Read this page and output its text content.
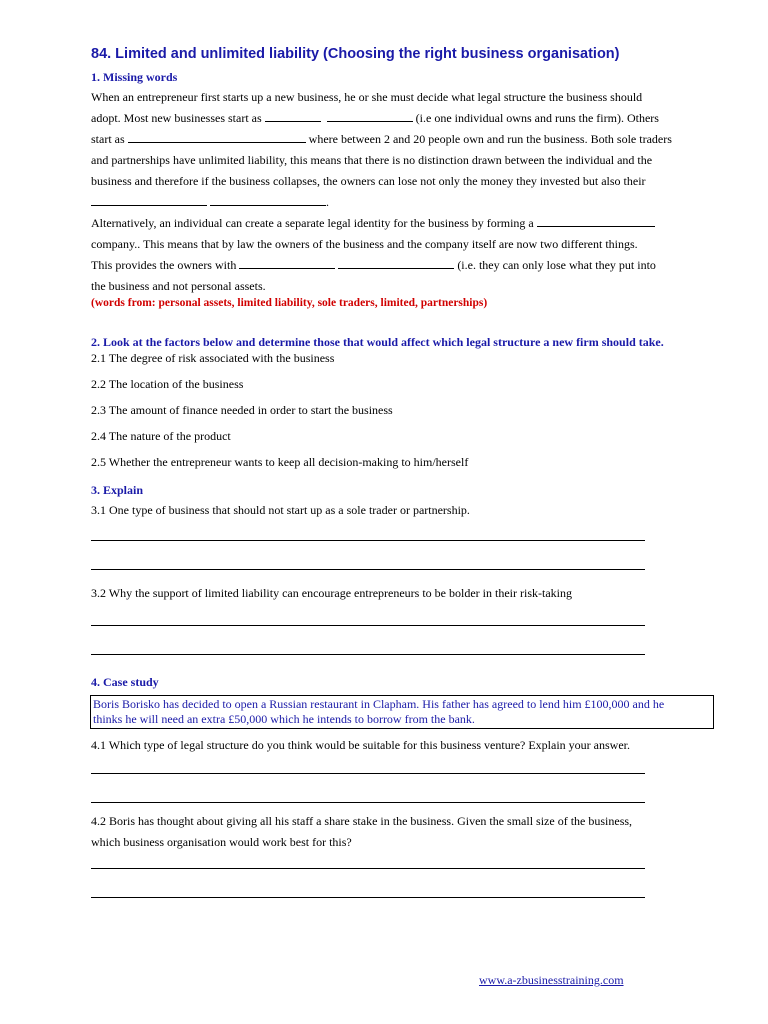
84. Limited and unlimited liability (Choosing the right business organisation)
1. Missing words
When an entrepreneur first starts up a new business, he or she must decide what legal structure the business should
adopt. Most new businesses start as	(i.e one individual owns and runs the firm). Others
start as	where between 2 and 20 people own and run the business. Both sole traders
and partnerships have unlimited liability, this means that there is no distinction drawn between the individual and the
business and therefore if the business collapses, the owners can lose not only the money they invested but also their
.
Alternatively, an individual can create a separate legal identity for the business by forming a
company.. This means that by law the owners of the business and the company itself are now two different things.
This provides the owners with	(i.e. they can only lose what they put into
the business and not personal assets.
(words from: personal assets, limited liability, sole traders, limited, partnerships)
2. Look at the factors below and determine those that would affect which legal structure a new firm should take.
2.1 The degree of risk associated with the business
2.2 The location of the business
2.3 The amount of finance needed in order to start the business
2.4 The nature of the product
2.5 Whether the entrepreneur wants to keep all decision-making to him/herself
3. Explain
3.1 One type of business that should not start up as a sole trader or partnership.
3.2 Why the support of limited liability can encourage entrepreneurs to be bolder in their risk-taking
4. Case study
Boris Borisko has decided to open a Russian restaurant in Clapham. His father has agreed to lend him £100,000 and he
thinks he will need an extra £50,000 which he intends to borrow from the bank.
4.1 Which type of legal structure do you think would be suitable for this business venture? Explain your answer.
4.2 Boris has thought about giving all his staff a share stake in the business. Given the small size of the business,
which business organisation would work best for this?
www.a-zbusinesstraining.com
